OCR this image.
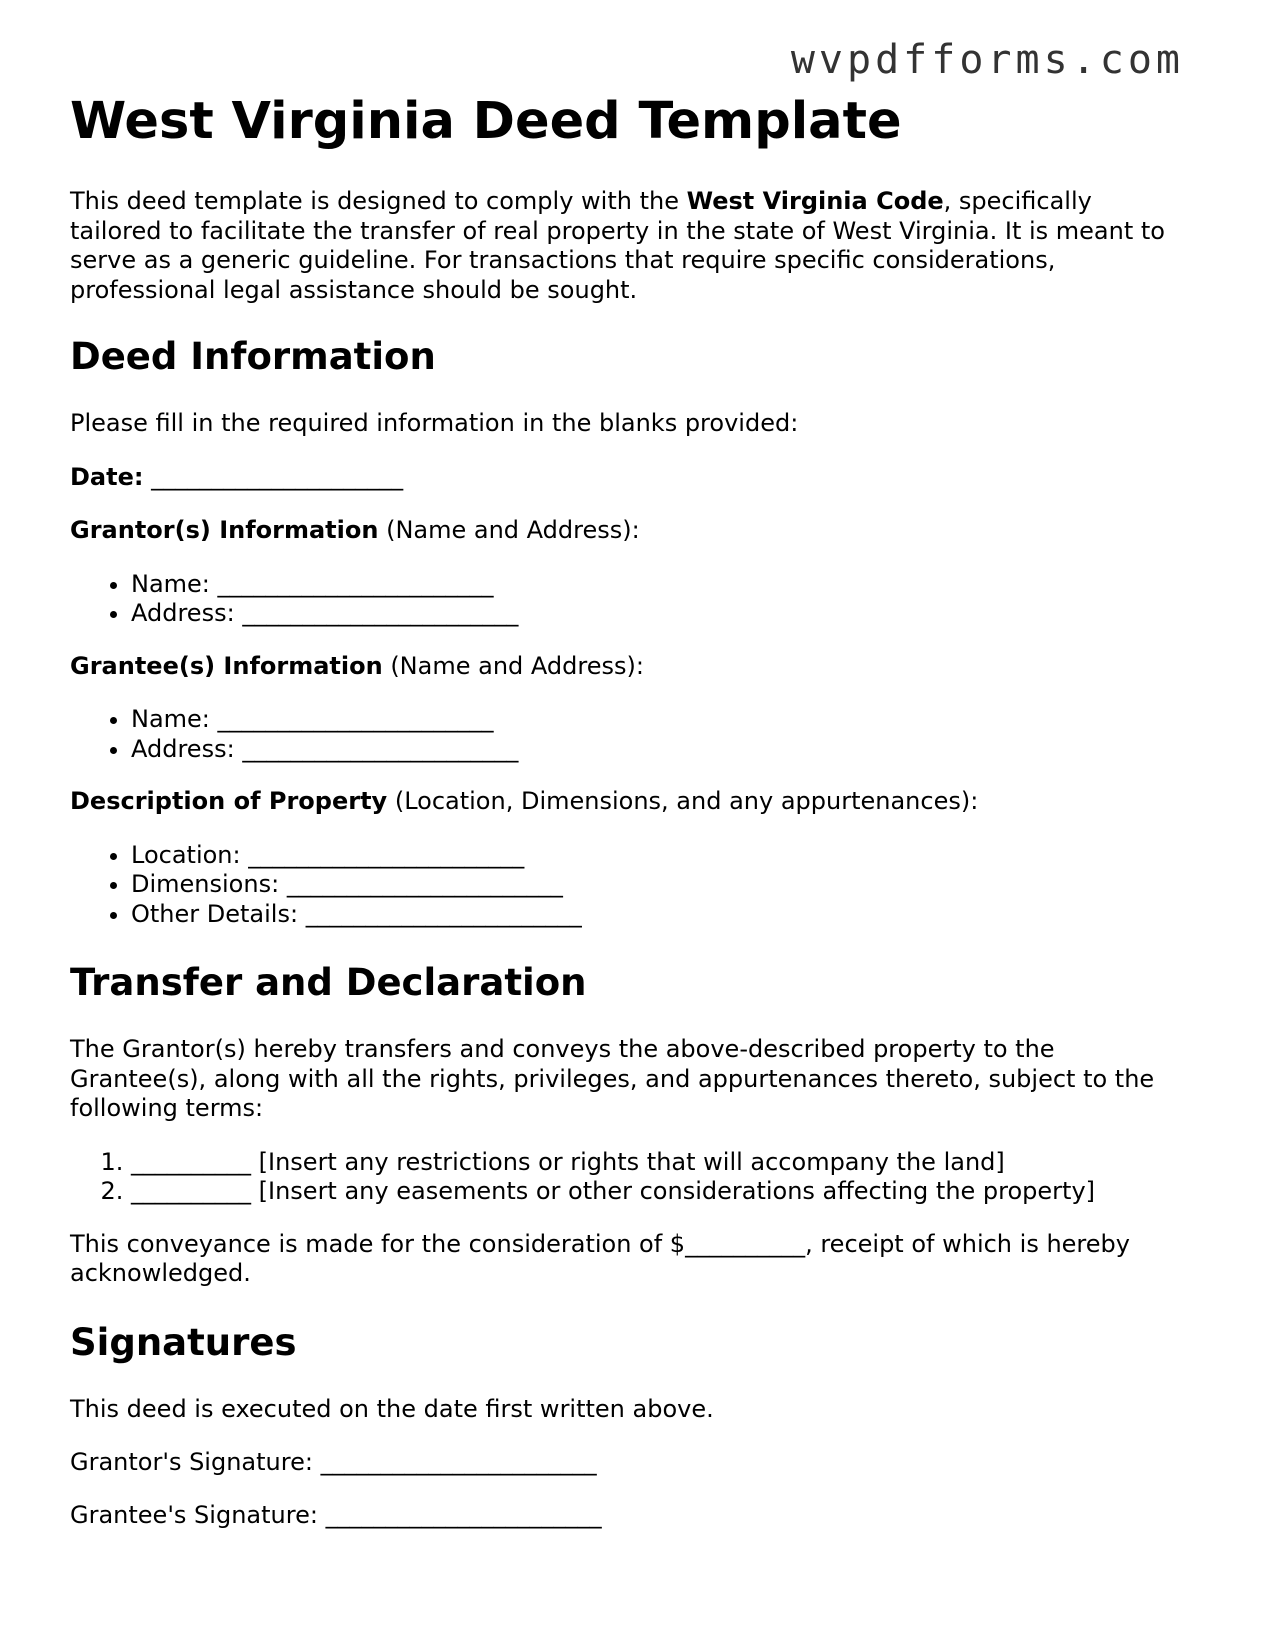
wvpdfforms.com
West Virginia Deed Template

This deed template is designed to comply with the West Virginia Code, specifically tailored to facilitate the transfer of real property in the state of West Virginia. It is meant to serve as a generic guideline. For transactions that require specific considerations, professional legal assistance should be sought.

Deed Information

Please fill in the required information in the blanks provided:

Date: _____________________

Grantor(s) Information (Name and Address):

• Name: _______________________
• Address: _______________________

Grantee(s) Information (Name and Address):

• Name: _______________________
• Address: _______________________

Description of Property (Location, Dimensions, and any appurtenances):

• Location: _______________________
• Dimensions: _______________________
• Other Details: _______________________
Transfer and Declaration

The Grantor(s) hereby transfers and conveys the above-described property to the Grantee(s), along with all the rights, privileges, and appurtenances thereto, subject to the following terms:

1. __________ [Insert any restrictions or rights that will accompany the land]
2. __________ [Insert any easements or other considerations affecting the property]

This conveyance is made for the consideration of $__________, receipt of which is hereby acknowledged.

Signatures

This deed is executed on the date first written above.

Grantor's Signature: _______________________

Grantee's Signature: _______________________
